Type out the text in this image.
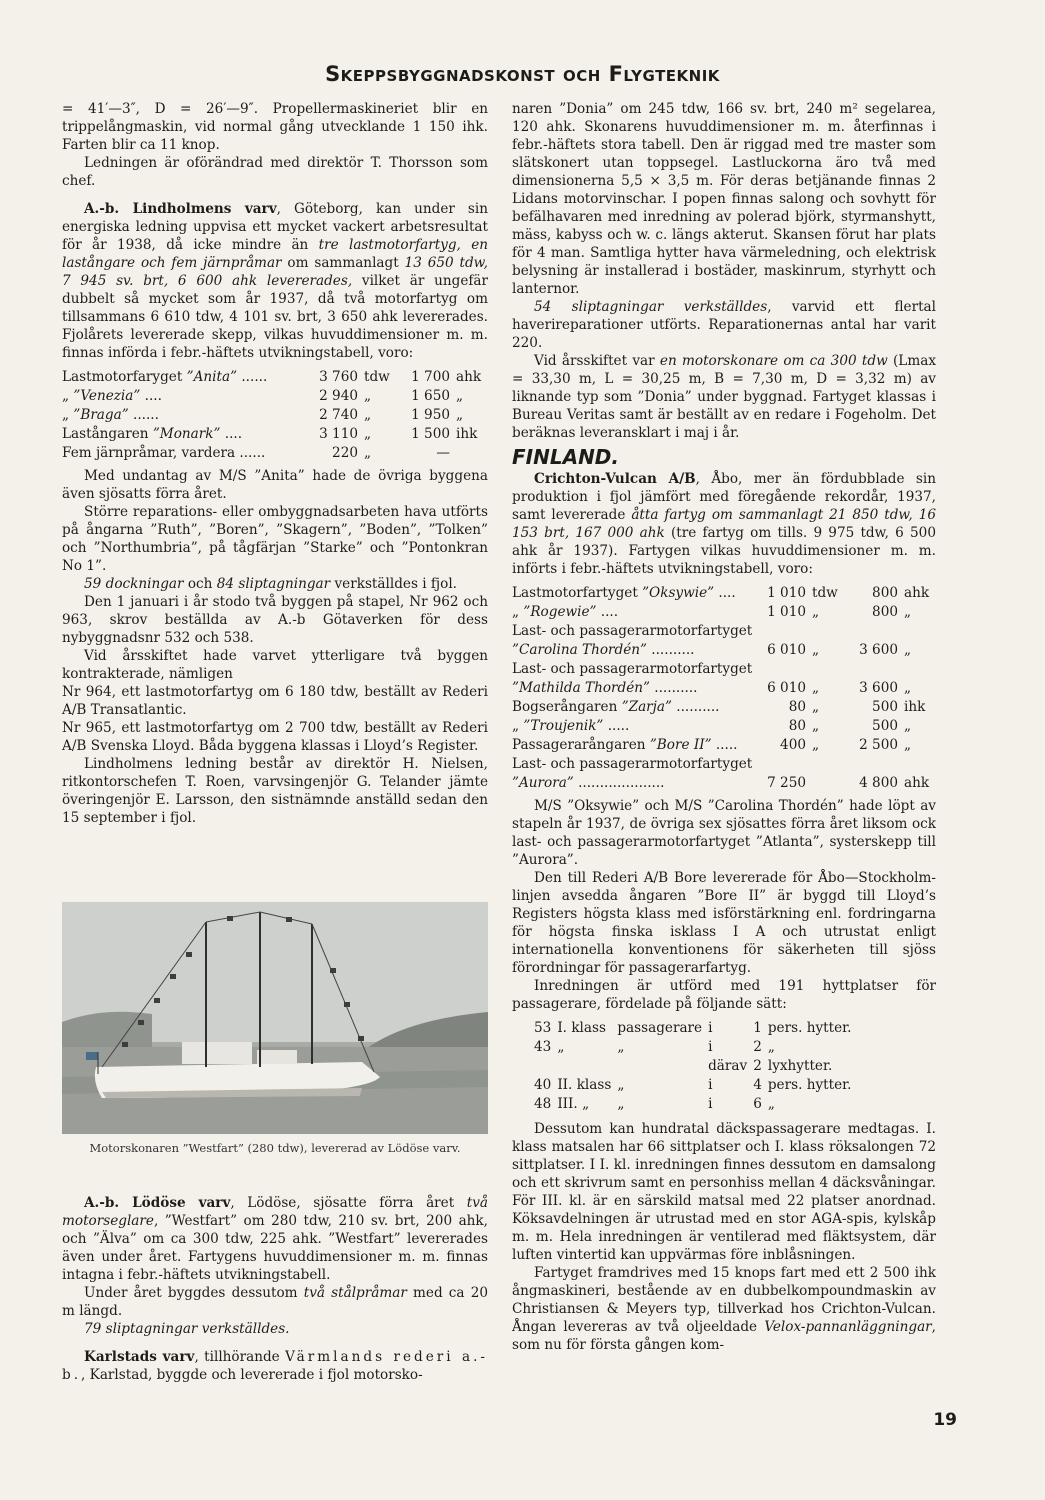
Skeppsbyggnadskonst och Flygteknik

= 41′—3″, D = 26′—9″. Propellermaskineriet blir en trippelångmaskin, vid normal gång utvecklande 1 150 ihk. Farten blir ca 11 knop.

Ledningen är oförändrad med direktör T. Thorsson som chef.

A.-b. Lindholmens varv, Göteborg, kan under sin energiska ledning uppvisa ett mycket vackert arbetsresultat för år 1938, då icke mindre än tre lastmotorfartyg, en lastångare och fem järnpråmar om sammanlagt 13 650 tdw, 7 945 sv. brt, 6 600 ahk levererades, vilket är ungefär dubbelt så mycket som år 1937, då två motorfartyg om tillsammans 6 610 tdw, 4 101 sv. brt, 3 650 ahk levererades. Fjolårets levererade skepp, vilkas huvuddimensioner m. m. finnas införda i febr.-häftets utvikningstabell, voro:

Lastmotorfaryget ”Anita” ......	3 760	tdw	1 700	ahk
„ ”Venezia” ....	2 940	„	1 650	„
„ ”Braga” ......	2 740	„	1 950	„
Lastångaren ”Monark” ....	3 110	„	1 500	ihk
Fem järnpråmar, vardera ......	220	„	—	

Med undantag av M/S ”Anita” hade de övriga byggena även sjösatts förra året.

Större reparations- eller ombyggnadsarbeten hava utförts på ångarna ”Ruth”, ”Boren”, ”Skagern”, ”Boden”, ”Tolken” och ”Northumbria”, på tågfärjan ”Starke” och ”Pontonkran No 1”.

59 dockningar och 84 sliptagningar verkställdes i fjol.

Den 1 januari i år stodo två byggen på stapel, Nr 962 och 963, skrov beställda av A.-b Götaverken för dess nybyggnadsnr 532 och 538.

Vid årsskiftet hade varvet ytterligare två byggen kontrakterade, nämligen

Nr 964, ett lastmotorfartyg om 6 180 tdw, beställt av Rederi A/B Transatlantic.

Nr 965, ett lastmotorfartyg om 2 700 tdw, beställt av Rederi A/B Svenska Lloyd. Båda byggena klassas i Lloyd’s Register.

Lindholmens ledning består av direktör H. Nielsen, ritkontorschefen T. Roen, varvsingenjör G. Telander jämte överingenjör E. Larsson, den sistnämnde anställd sedan den 15 september i fjol.

Motorskonaren ”Westfart” (280 tdw), levererad av Lödöse varv.

A.-b. Lödöse varv, Lödöse, sjösatte förra året två motorseglare, ”Westfart” om 280 tdw, 210 sv. brt, 200 ahk, och ”Älva” om ca 300 tdw, 225 ahk. ”Westfart” levererades även under året. Fartygens huvuddimensioner m. m. finnas intagna i febr.-häftets utvikningstabell.

Under året byggdes dessutom två stålpråmar med ca 20 m längd.

79 sliptagningar verkställdes.

Karlstads varv, tillhörande Värmlands rederi a.-b., Karlstad, byggde och levererade i fjol motorsko-

naren ”Donia” om 245 tdw, 166 sv. brt, 240 m² segelarea, 120 ahk. Skonarens huvuddimensioner m. m. återfinnas i febr.-häftets stora tabell. Den är riggad med tre master som slätskonert utan toppsegel. Lastluckorna äro två med dimensionerna 5,5 × 3,5 m. För deras betjänande finnas 2 Lidans motorvinschar. I popen finnas salong och sovhytt för befälhavaren med inredning av polerad björk, styrmanshytt, mäss, kabyss och w. c. längs akterut. Skansen förut har plats för 4 man. Samtliga hytter hava värmeledning, och elektrisk belysning är installerad i bostäder, maskinrum, styrhytt och lanternor.

54 sliptagningar verkställdes, varvid ett flertal haverireparationer utförts. Reparationernas antal har varit 220.

Vid årsskiftet var en motorskonare om ca 300 tdw (Lmax = 33,30 m, L = 30,25 m, B = 7,30 m, D = 3,32 m) av liknande typ som ”Donia” under byggnad. Fartyget klassas i Bureau Veritas samt är beställt av en redare i Fogeholm. Det beräknas leveransklart i maj i år.

FINLAND.

Crichton-Vulcan A/B, Åbo, mer än fördubblade sin produktion i fjol jämfört med föregående rekordår, 1937, samt levererade åtta fartyg om sammanlagt 21 850 tdw, 16 153 brt, 167 000 ahk (tre fartyg om tills. 9 975 tdw, 6 500 ahk år 1937). Fartygen vilkas huvuddimensioner m. m. införts i febr.-häftets utvikningstabell, voro:

Lastmotorfartyget ”Oksywie” ....	1 010	tdw	800	ahk
„ ”Rogewie” ....	1 010	„	800	„
Last- och passagerarmotorfartyget				
”Carolina Thordén” ..........	6 010	„	3 600	„
Last- och passagerarmotorfartyget				
”Mathilda Thordén” ..........	6 010	„	3 600	„
Bogserångaren ”Zarja” ..........	80	„	500	ihk
„ ”Troujenik” .....	80	„	500	„
Passagerarångaren ”Bore II” .....	400	„	2 500	„
Last- och passagerarmotorfartyget				
”Aurora” ....................	7 250		4 800	ahk

M/S ”Oksywie” och M/S ”Carolina Thordén” hade löpt av stapeln år 1937, de övriga sex sjösattes förra året liksom ock last- och passagerarmotorfartyget ”Atlanta”, systerskepp till ”Aurora”.

Den till Rederi A/B Bore levererade för Åbo—Stockholm-linjen avsedda ångaren ”Bore II” är byggd till Lloyd’s Registers högsta klass med isförstärkning enl. fordringarna för högsta finska isklass I A och utrustat enligt internationella konventionens för säkerheten till sjöss förordningar för passagerarfartyg.

Inredningen är utförd med 191 hyttplatser för passagerare, fördelade på följande sätt:

53	I. klass	passagerare	i	1	pers. hytter.
43	„	„	i	2	„
			därav	2	lyxhytter.
40	II. klass	„	i	4	pers. hytter.
48	III. „	„	i	6	„

Dessutom kan hundratal däckspassagerare medtagas. I. klass matsalen har 66 sittplatser och I. klass röksalongen 72 sittplatser. I I. kl. inredningen finnes dessutom en damsalong och ett skrivrum samt en personhiss mellan 4 däcksvåningar. För III. kl. är en särskild matsal med 22 platser anordnad. Köksavdelningen är utrustad med en stor AGA-spis, kylskåp m. m. Hela inredningen är ventilerad med fläktsystem, där luften vintertid kan uppvärmas före inblåsningen.

Fartyget framdrives med 15 knops fart med ett 2 500 ihk ångmaskineri, bestående av en dubbelkompoundmaskin av Christiansen & Meyers typ, tillverkad hos Crichton-Vulcan. Ångan levereras av två oljeeldade Velox-pannanläggningar, som nu för första gången kom-

19
